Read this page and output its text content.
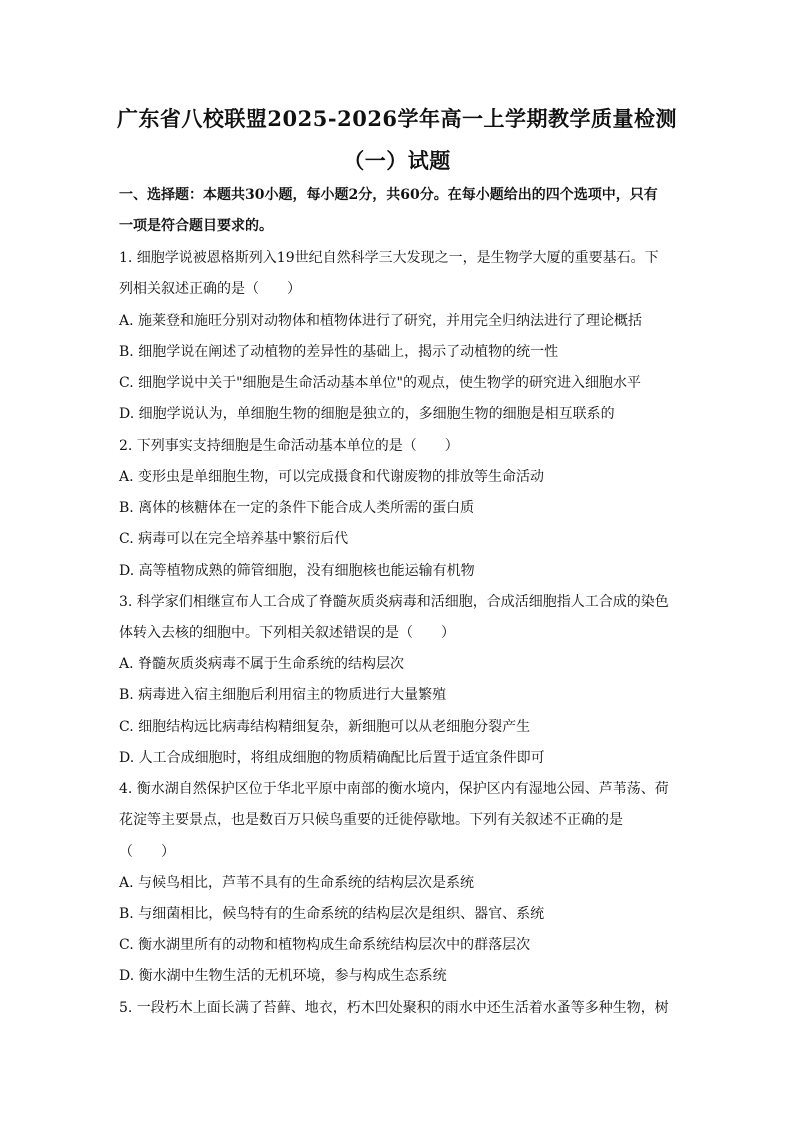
广东省八校联盟2025-2026学年高一上学期教学质量检测
（一）试题
一、选择题：本题共30小题，每小题2分，共60分。在每小题给出的四个选项中，只有
一项是符合题目要求的。
1. 细胞学说被恩格斯列入19世纪自然科学三大发现之一，是生物学大厦的重要基石。下
列相关叙述正确的是（　　）
A. 施莱登和施旺分别对动物体和植物体进行了研究，并用完全归纳法进行了理论概括
B. 细胞学说在阐述了动植物的差异性的基础上，揭示了动植物的统一性
C. 细胞学说中关于"细胞是生命活动基本单位"的观点，使生物学的研究进入细胞水平
D. 细胞学说认为，单细胞生物的细胞是独立的，多细胞生物的细胞是相互联系的
2. 下列事实支持细胞是生命活动基本单位的是（　　）
A. 变形虫是单细胞生物，可以完成摄食和代谢废物的排放等生命活动
B. 离体的核糖体在一定的条件下能合成人类所需的蛋白质
C. 病毒可以在完全培养基中繁衍后代
D. 高等植物成熟的筛管细胞，没有细胞核也能运输有机物
3. 科学家们相继宣布人工合成了脊髓灰质炎病毒和活细胞，合成活细胞指人工合成的染色
体转入去核的细胞中。下列相关叙述错误的是（　　）
A. 脊髓灰质炎病毒不属于生命系统的结构层次
B. 病毒进入宿主细胞后利用宿主的物质进行大量繁殖
C. 细胞结构远比病毒结构精细复杂，新细胞可以从老细胞分裂产生
D. 人工合成细胞时，将组成细胞的物质精确配比后置于适宜条件即可
4. 衡水湖自然保护区位于华北平原中南部的衡水境内，保护区内有湿地公园、芦苇荡、荷
花淀等主要景点，也是数百万只候鸟重要的迁徙停歇地。下列有关叙述不正确的是
（　　）
A. 与候鸟相比，芦苇不具有的生命系统的结构层次是系统
B. 与细菌相比，候鸟特有的生命系统的结构层次是组织、器官、系统
C. 衡水湖里所有的动物和植物构成生命系统结构层次中的群落层次
D. 衡水湖中生物生活的无机环境，参与构成生态系统
5. 一段朽木上面长满了苔藓、地衣，朽木凹处聚积的雨水中还生活着水蚤等多种生物，树
